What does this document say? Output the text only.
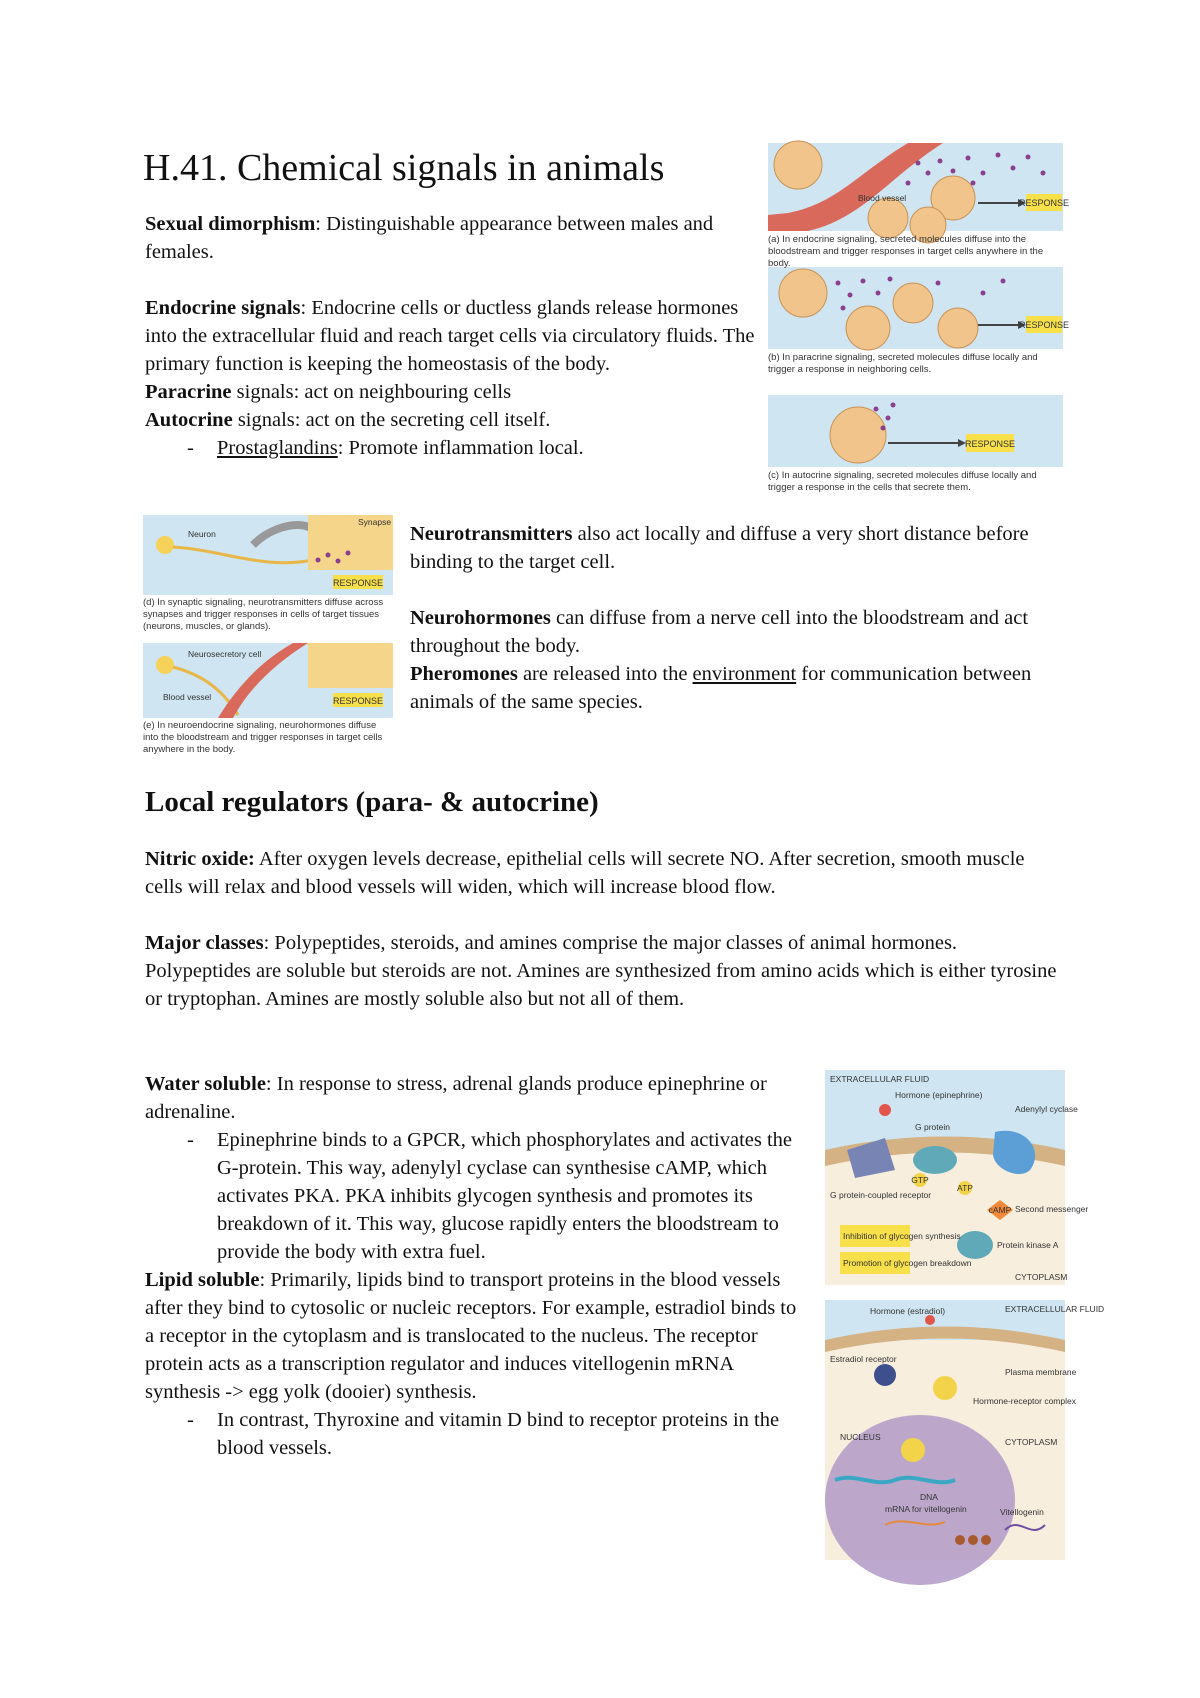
H.41. Chemical signals in animals

Sexual dimorphism: Distinguishable appearance between males and females.

Endocrine signals: Endocrine cells or ductless glands release hormones into the extracellular fluid and reach target cells via circulatory fluids. The primary function is keeping the homeostasis of the body.

Paracrine signals: act on neighbouring cells

Autocrine signals: act on the secreting cell itself.

- Prostaglandins: Promote inflammation local.

Neurotransmitters also act locally and diffuse a very short distance before binding to the target cell.

Neurohormones can diffuse from a nerve cell into the bloodstream and act throughout the body.

Pheromones are released into the environment for communication between animals of the same species.

Local regulators (para- & autocrine)

Nitric oxide: After oxygen levels decrease, epithelial cells will secrete NO. After secretion, smooth muscle cells will relax and blood vessels will widen, which will increase blood flow.

Major classes: Polypeptides, steroids, and amines comprise the major classes of animal hormones. Polypeptides are soluble but steroids are not. Amines are synthesized from amino acids which is either tyrosine or tryptophan. Amines are mostly soluble also but not all of them.

Water soluble: In response to stress, adrenal glands produce epinephrine or adrenaline.

- Epinephrine binds to a GPCR, which phosphorylates and activates the G-protein. This way, adenylyl cyclase can synthesise cAMP, which activates PKA. PKA inhibits glycogen synthesis and promotes its breakdown of it. This way, glucose rapidly enters the bloodstream to provide the body with extra fuel.

Lipid soluble: Primarily, lipids bind to transport proteins in the blood vessels after they bind to cytosolic or nucleic receptors. For example, estradiol binds to a receptor in the cytoplasm and is translocated to the nucleus. The receptor protein acts as a transcription regulator and induces vitellogenin mRNA synthesis -> egg yolk (dooier) synthesis.

- In contrast, Thyroxine and vitamin D bind to receptor proteins in the blood vessels.

RESPONSE
Blood vessel
RESPONSE
RESPONSE
(a) In endocrine signaling, secreted molecules diffuse into the bloodstream and trigger responses in target cells anywhere in the body.
(b) In paracrine signaling, secreted molecules diffuse locally and trigger a response in neighboring cells.
(c) In autocrine signaling, secreted molecules diffuse locally and trigger a response in the cells that secrete them.
RESPONSE
Neuron
Synapse
RESPONSE
Neurosecretory cell
Blood vessel
(d) In synaptic signaling, neurotransmitters diffuse across synapses and trigger responses in cells of target tissues (neurons, muscles, or glands).
(e) In neuroendocrine signaling, neurohormones diffuse into the bloodstream and trigger responses in target cells anywhere in the body.
GTP
ATP
cAMP
EXTRACELLULAR FLUID
Hormone (epinephrine)
Adenylyl cyclase
G protein
G protein-coupled receptor
Second messenger
Inhibition of glycogen synthesis
Promotion of glycogen breakdown
Protein kinase A
CYTOPLASM
Hormone (estradiol)	EXTRACELLULAR FLUID
Estradiol receptor
Plasma membrane
Hormone-receptor complex
NUCLEUS	CYTOPLASM
DNA
mRNA for vitellogenin	Vitellogenin
